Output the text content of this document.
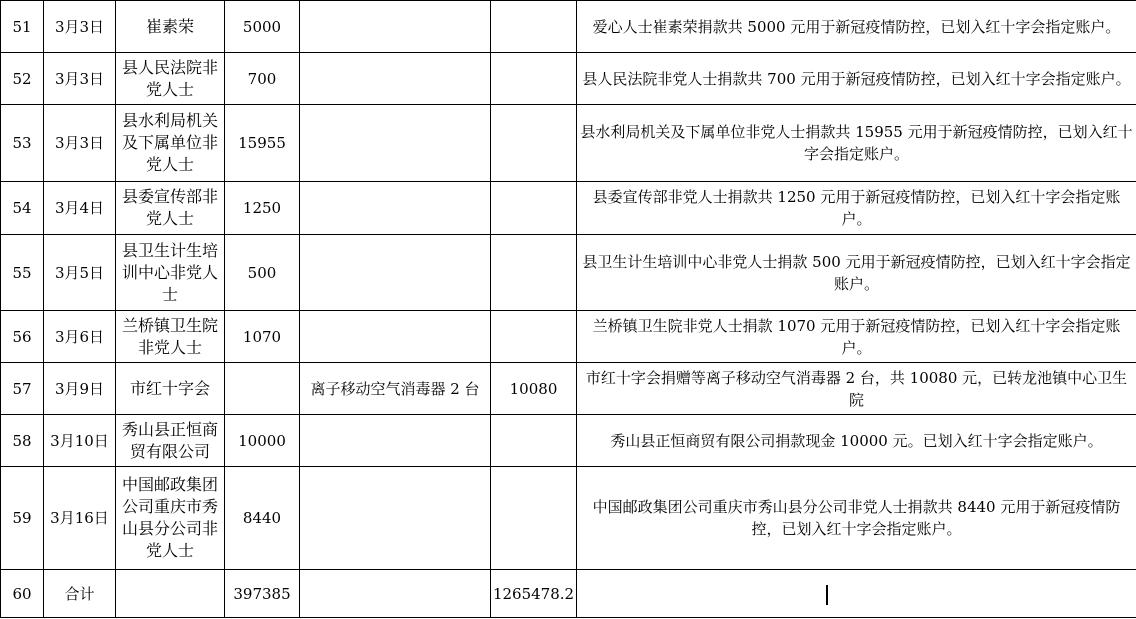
51	3月3日	崔素荣	5000			爱心人士崔素荣捐款共 5000 元用于新冠疫情防控，已划入红十字会指定账户。
52	3月3日	县人民法院非党人士	700			县人民法院非党人士捐款共 700 元用于新冠疫情防控，已划入红十字会指定账户。
53	3月3日	县水利局机关及下属单位非党人士	15955			县水利局机关及下属单位非党人士捐款共 15955 元用于新冠疫情防控，已划入红十字会指定账户。
54	3月4日	县委宣传部非党人士	1250			县委宣传部非党人士捐款共 1250 元用于新冠疫情防控，已划入红十字会指定账户。
55	3月5日	县卫生计生培训中心非党人士	500			县卫生计生培训中心非党人士捐款 500 元用于新冠疫情防控，已划入红十字会指定账户。
56	3月6日	兰桥镇卫生院非党人士	1070			兰桥镇卫生院非党人士捐款 1070 元用于新冠疫情防控，已划入红十字会指定账户。
57	3月9日	市红十字会		离子移动空气消毒器 2 台	10080	市红十字会捐赠等离子移动空气消毒器 2 台，共 10080 元，已转龙池镇中心卫生院
58	3月10日	秀山县正恒商贸有限公司	10000			秀山县正恒商贸有限公司捐款现金 10000 元。已划入红十字会指定账户。
59	3月16日	中国邮政集团公司重庆市秀山县分公司非党人士	8440			中国邮政集团公司重庆市秀山县分公司非党人士捐款共 8440 元用于新冠疫情防控，已划入红十字会指定账户。
60	合计		397385		1265478.2	
